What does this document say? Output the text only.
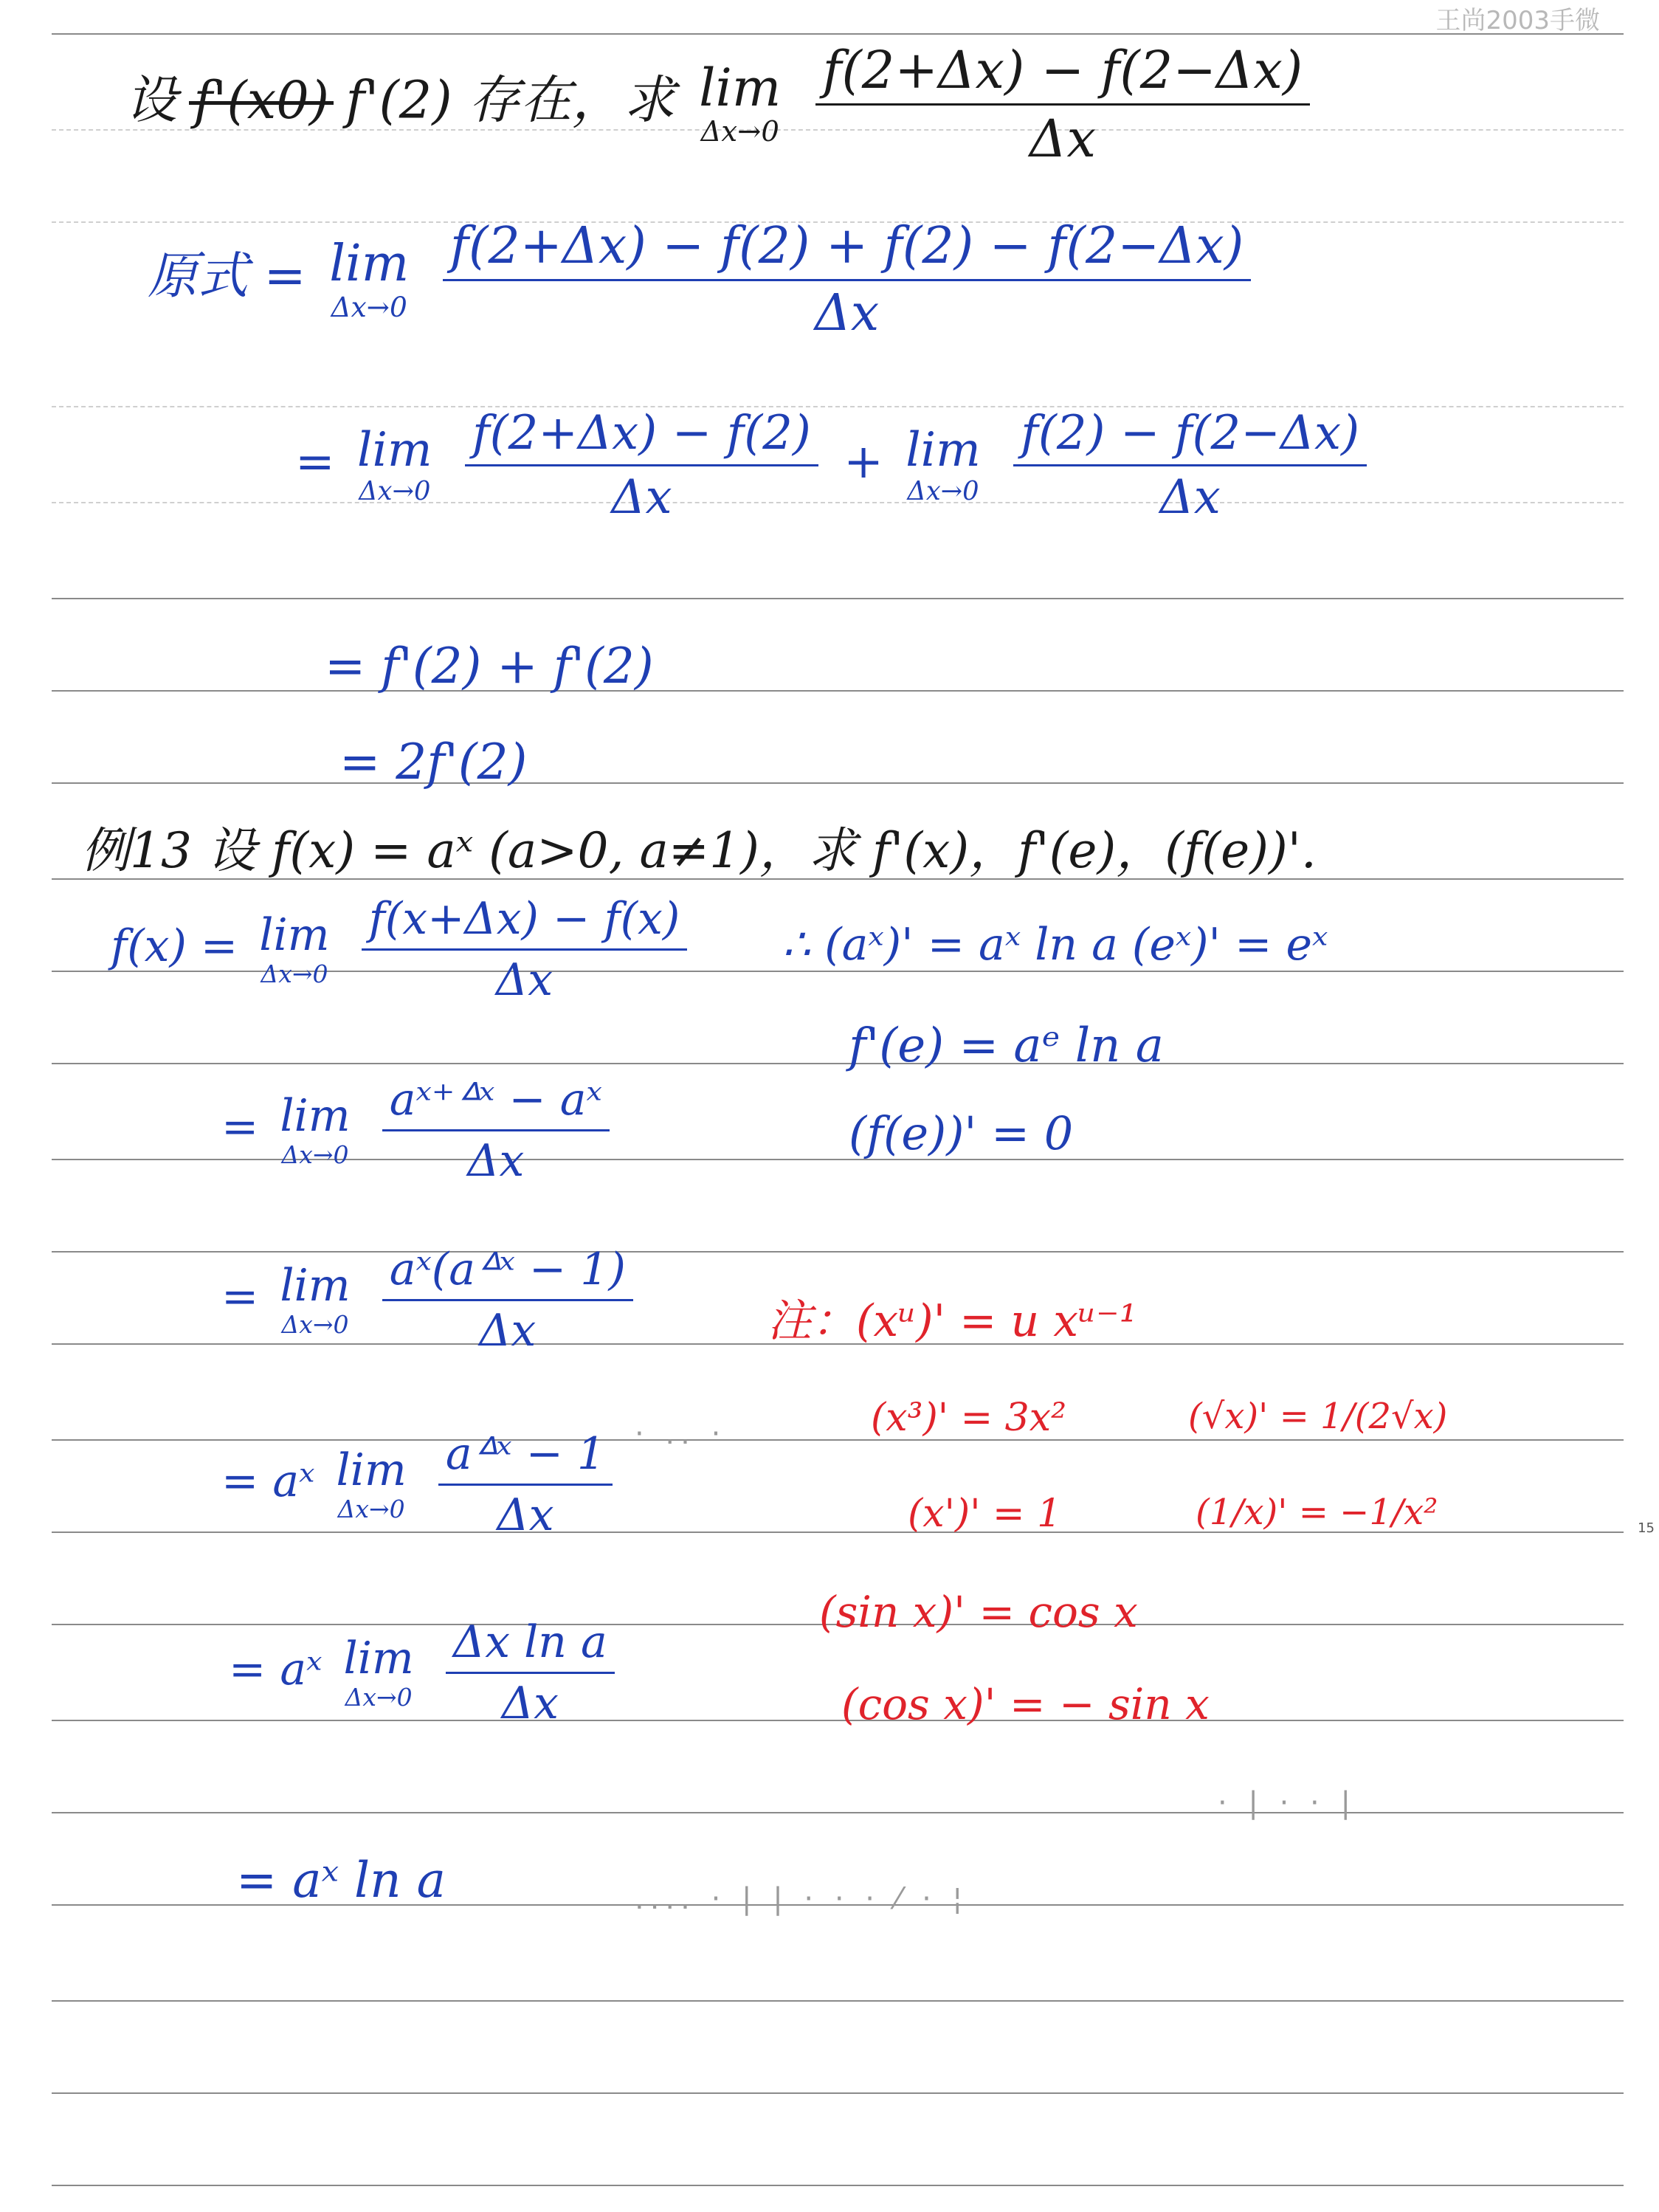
王尚2003手微
15
设 f'(x0) f'(2) 存在，求 lim
Δx→0
$\frac{f(2+\Delta x) - f(2-\Delta x)}{\Delta x}$
原式 = lim
Δx→0
$\frac{f(2+\Delta x) - f(2) + f(2) - f(2-\Delta x)}{\Delta x}$
= lim
Δx→0
$\frac{f(2+\Delta x) - f(2)}{\Delta x} + \lim$
Δx→0
$\frac{f(2) - f(2-\Delta x)}{\Delta x}$
= f'(2) + f'(2)
= 2f'(2)
例13 设 f(x) = aˣ (a>0, a≠1)，求 f'(x)，f'(e)，(f(e))'.
f(x) = lim
Δx→0
$\frac{f(x+\Delta x) - f(x)}{\Delta x}$
= lim
Δx→0
$\frac{\text{aˣ⁺ᐞˣ − aˣ}}{\Delta x}$
= lim
Δx→0
$\frac{\text{aˣ(aᐞˣ − 1)}}{\Delta x}$
= aˣ lim
Δx→0
$\frac{\text{aᐞˣ − 1}}{\Delta x}$
= aˣ lim
Δx→0
$\frac{\text{Δx ln a}}{\Delta x}$
= aˣ ln a
∴ (aˣ)' = aˣ ln a (eˣ)' = eˣ
f'(e) = aᵉ ln a
(f(e))' = 0
注：(xᵘ)' = u xᵘ⁻¹
(x³)' = 3x²	(√x)' = 1/(2√x)
(x')' = 1	(1/x)' = −1/x²
(sin x)' = cos x
(cos x)' = − sin x
· .. ·
· | · · |
.... · | | · · · ⁄ · ¦
